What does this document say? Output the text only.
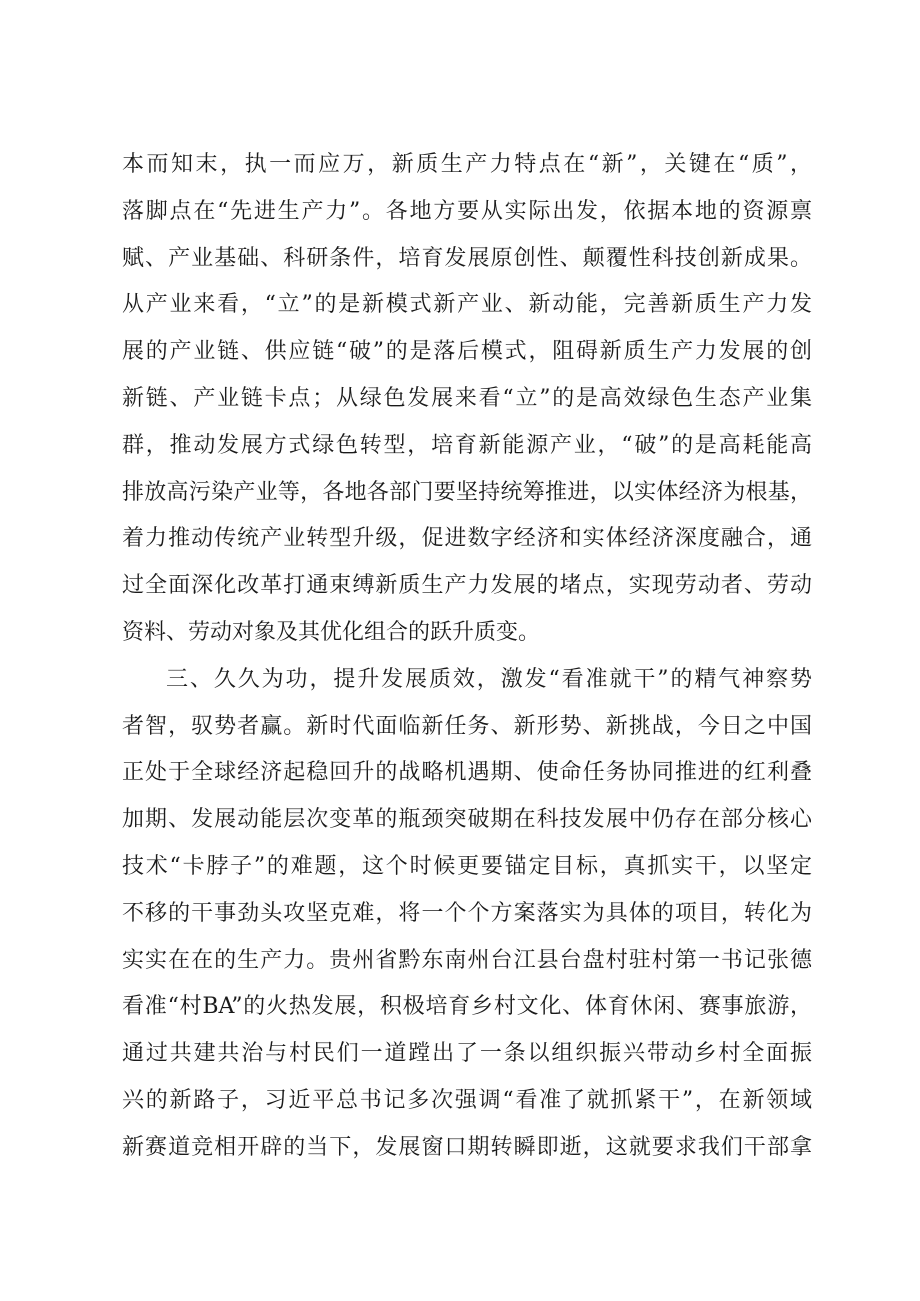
本而知末，执一而应万，新质生产力特点在“新”，关键在“质”，
落脚点在“先进生产力”。各地方要从实际出发，依据本地的资源禀
赋、产业基础、科研条件，培育发展原创性、颠覆性科技创新成果。
从产业来看，“立”的是新模式新产业、新动能，完善新质生产力发
展的产业链、供应链“破”的是落后模式，阻碍新质生产力发展的创
新链、产业链卡点；从绿色发展来看“立”的是高效绿色生态产业集
群，推动发展方式绿色转型，培育新能源产业，“破”的是高耗能高
排放高污染产业等，各地各部门要坚持统筹推进，以实体经济为根基，
着力推动传统产业转型升级，促进数字经济和实体经济深度融合，通
过全面深化改革打通束缚新质生产力发展的堵点，实现劳动者、劳动
资料、劳动对象及其优化组合的跃升质变。
三、久久为功，提升发展质效，激发“看准就干”的精气神察势
者智，驭势者赢。新时代面临新任务、新形势、新挑战，今日之中国
正处于全球经济起稳回升的战略机遇期、使命任务协同推进的红利叠
加期、发展动能层次变革的瓶颈突破期在科技发展中仍存在部分核心
技术“卡脖子”的难题，这个时候更要锚定目标，真抓实干，以坚定
不移的干事劲头攻坚克难，将一个个方案落实为具体的项目，转化为
实实在在的生产力。贵州省黔东南州台江县台盘村驻村第一书记张德
看准“村BA”的火热发展，积极培育乡村文化、体育休闲、赛事旅游，
通过共建共治与村民们一道蹚出了一条以组织振兴带动乡村全面振
兴的新路子，习近平总书记多次强调“看准了就抓紧干”，在新领域
新赛道竞相开辟的当下，发展窗口期转瞬即逝，这就要求我们干部拿
